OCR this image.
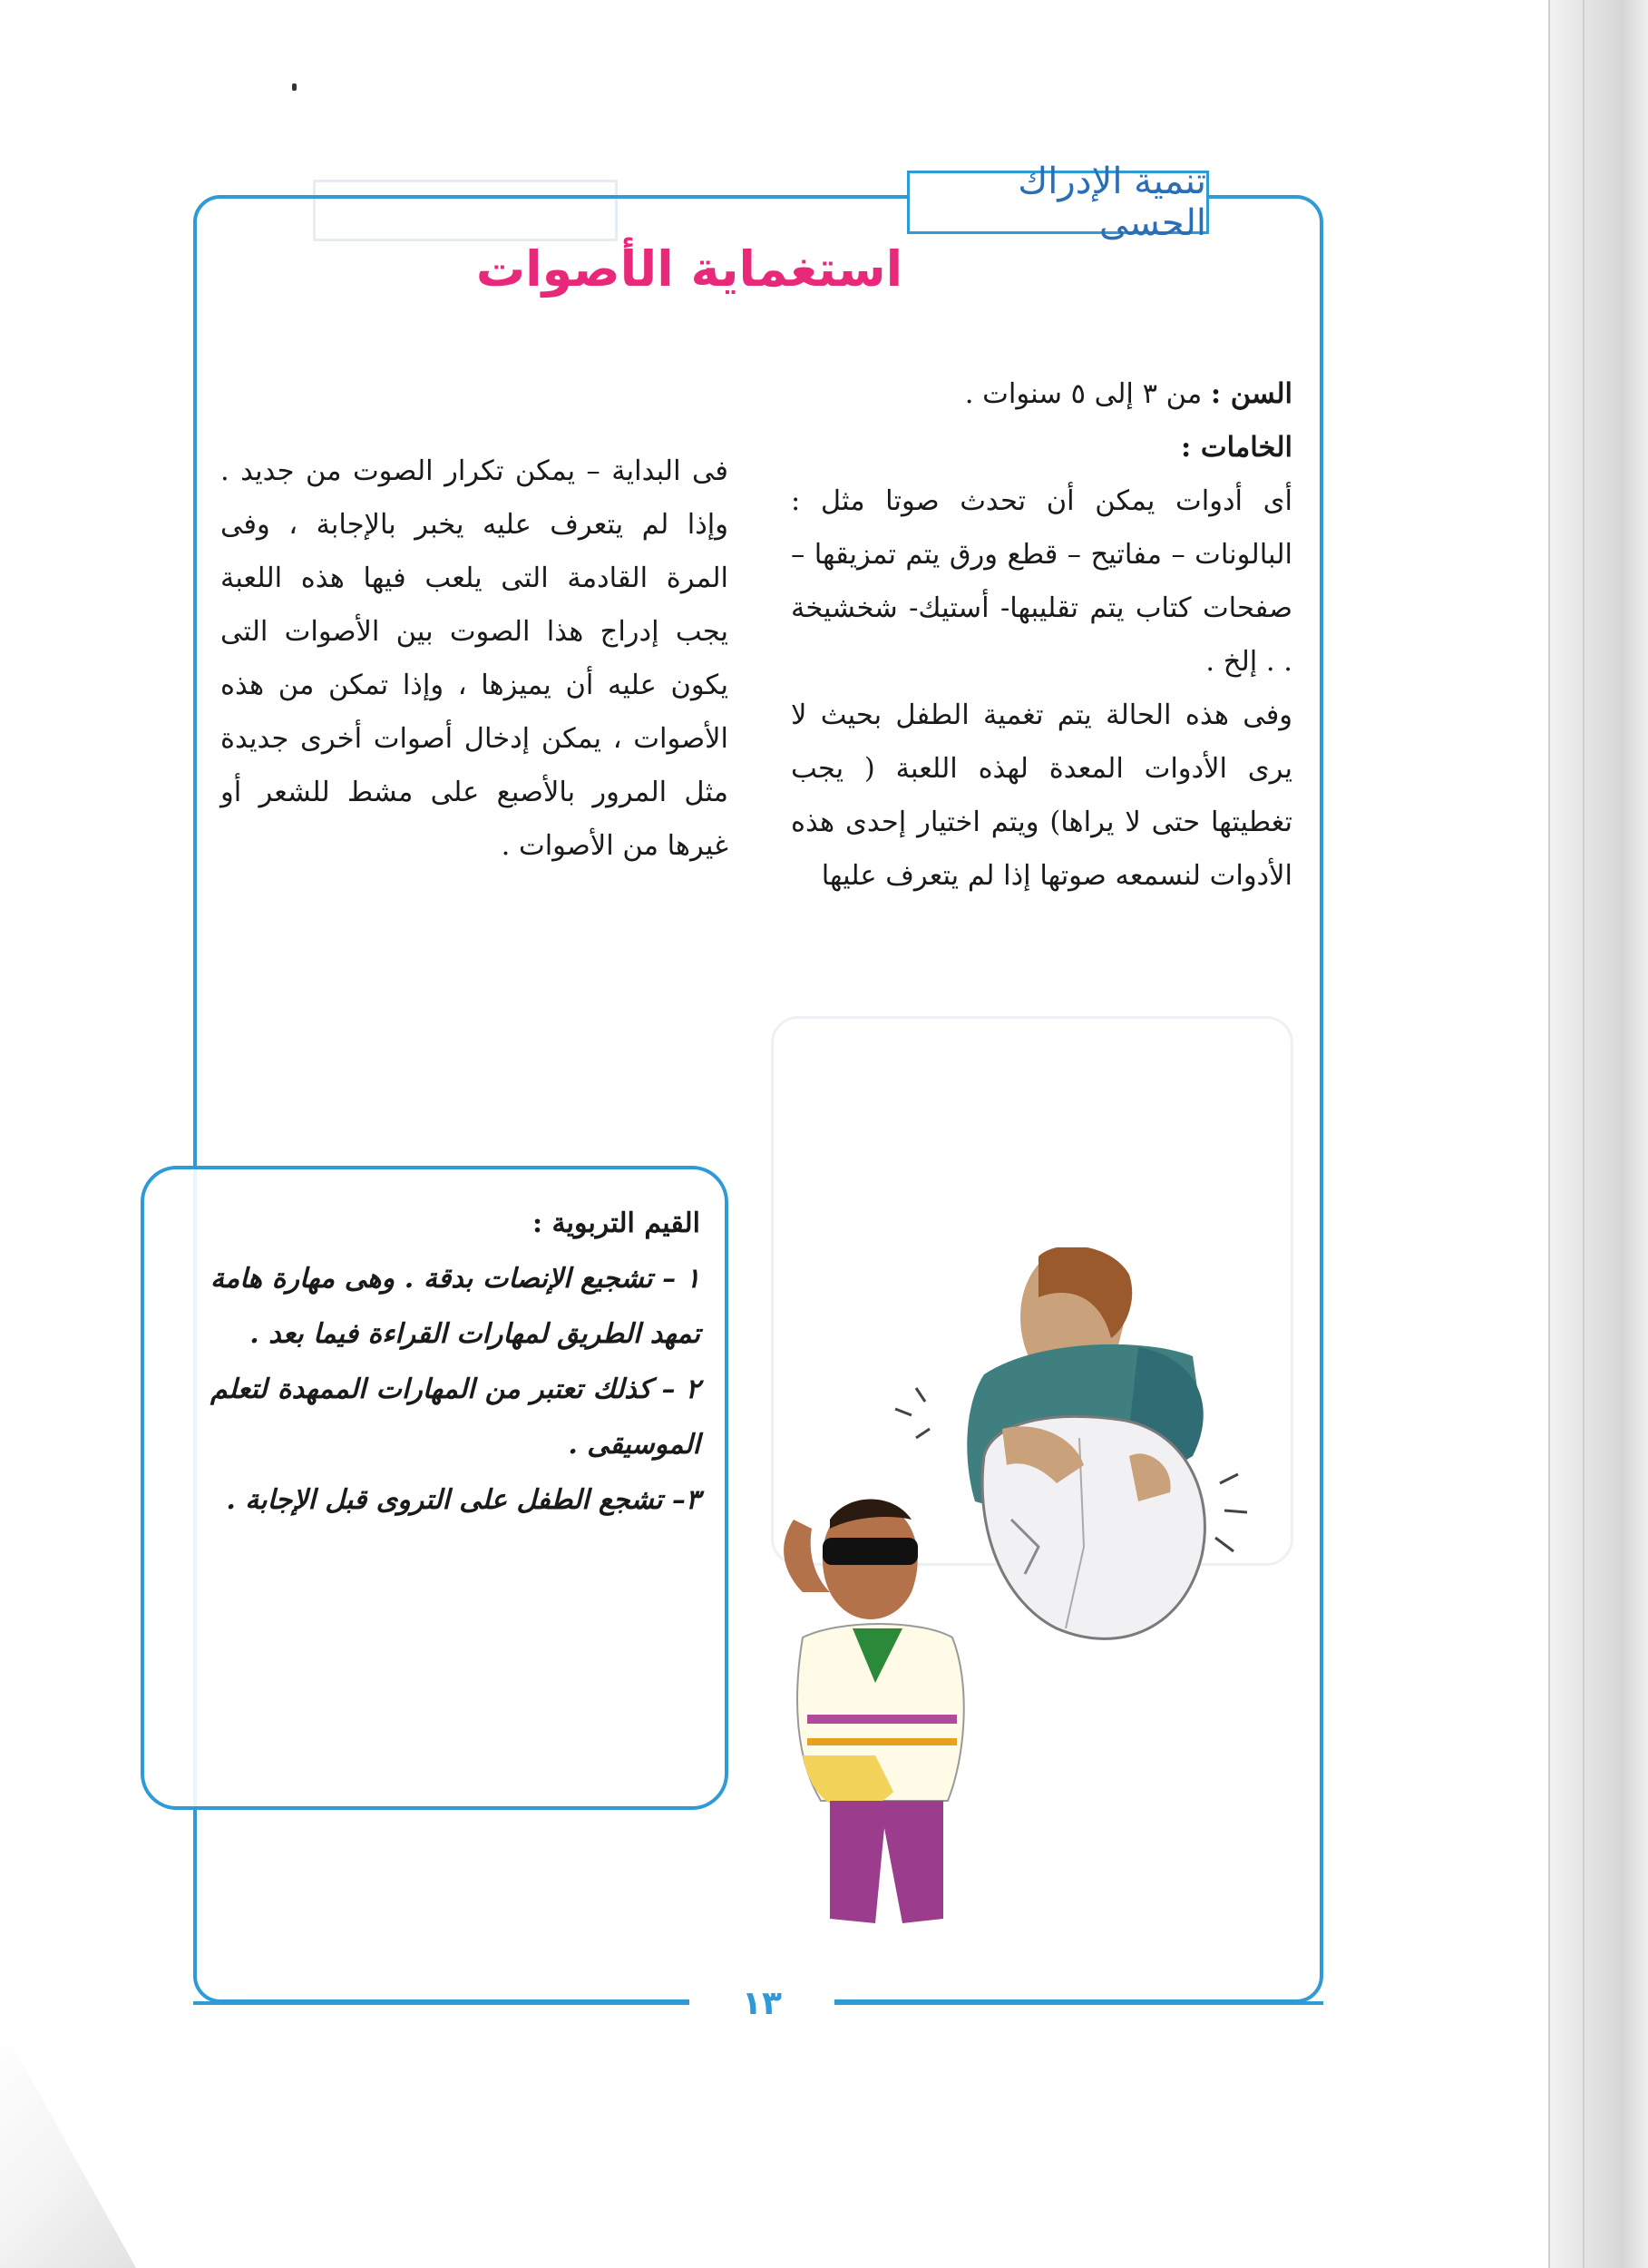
تنمية الإدراك الحسى
استغماية الأصوات

السن : من ٣ إلى ٥ سنوات .

الخامات :

أى أدوات يمكن أن تحدث صوتا مثل : البالونات – مفاتيح – قطع ورق يتم تمزيقها – صفحات كتاب يتم تقليبها- أستيك- شخشيخة . . إلخ .

وفى هذه الحالة يتم تغمية الطفل بحيث لا يرى الأدوات المعدة لهذه اللعبة ( يجب تغطيتها حتى لا يراها) ويتم اختيار إحدى هذه الأدوات لنسمعه صوتها إذا لم يتعرف عليها

فى البداية – يمكن تكرار الصوت من جديد . وإذا لم يتعرف عليه يخبر بالإجابة ، وفى المرة القادمة التى يلعب فيها هذه اللعبة يجب إدراج هذا الصوت بين الأصوات التى يكون عليه أن يميزها ، وإذا تمكن من هذه الأصوات ، يمكن إدخال أصوات أخرى جديدة مثل المرور بالأصبع على مشط للشعر أو غيرها من الأصوات .

القيم التربوية :

١ – تشجيع الإنصات بدقة . وهى مهارة هامة تمهد الطريق لمهارات القراءة فيما بعد .

٢ – كذلك تعتبر من المهارات الممهدة لتعلم الموسيقى .

٣– تشجع الطفل على التروى قبل الإجابة .

١٣
